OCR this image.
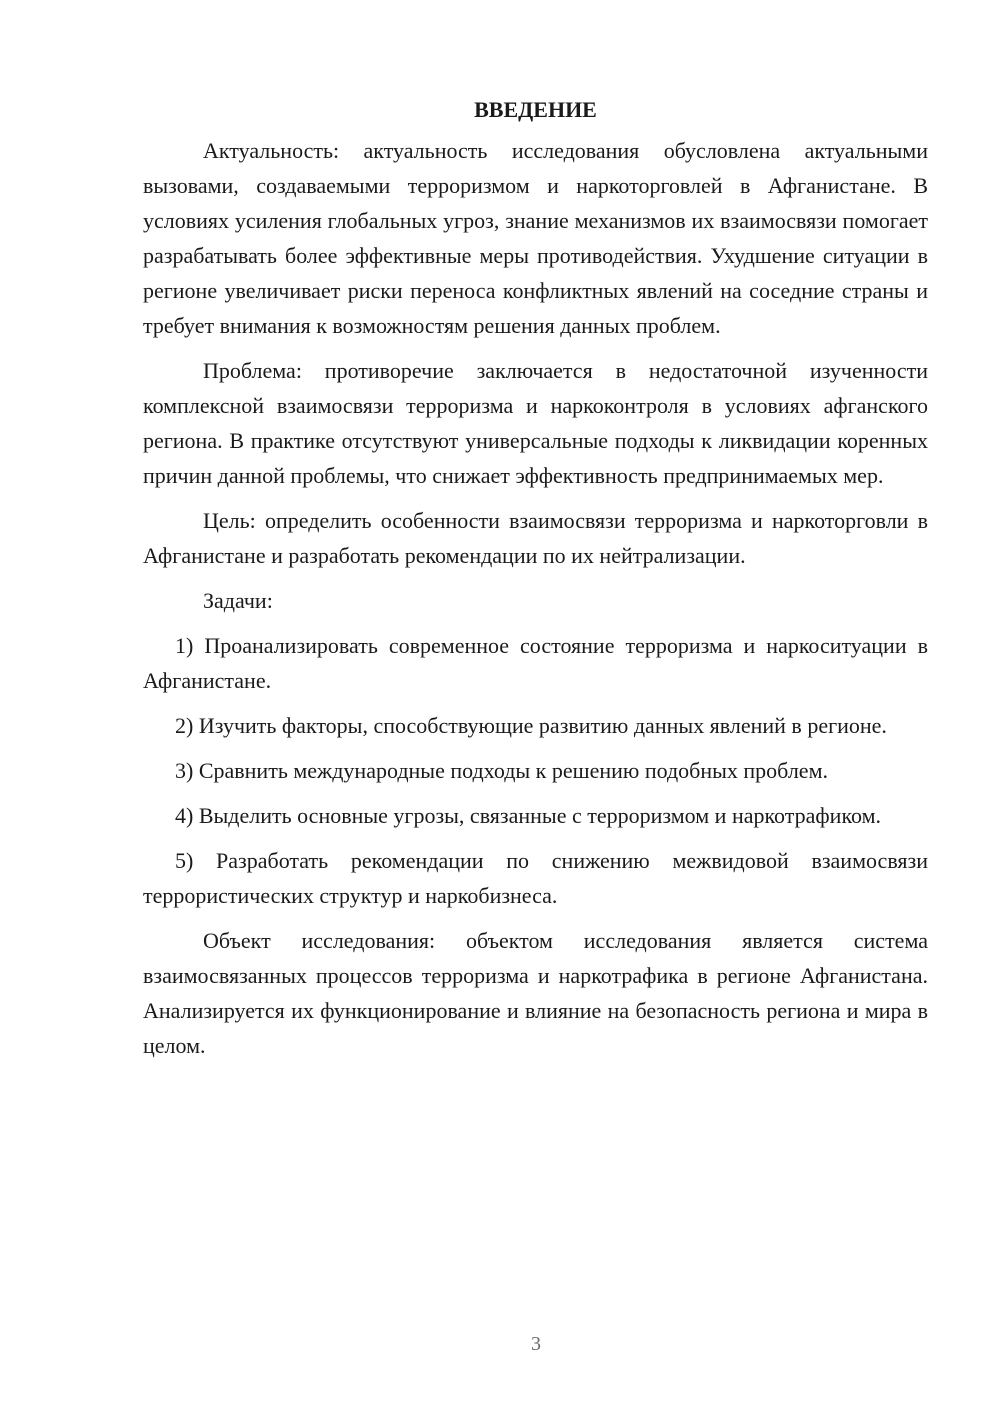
ВВЕДЕНИЕ

Актуальность: актуальность исследования обусловлена актуальными вызовами, создаваемыми терроризмом и наркоторговлей в Афганистане. В условиях усиления глобальных угроз, знание механизмов их взаимосвязи помогает разрабатывать более эффективные меры противодействия. Ухудшение ситуации в регионе увеличивает риски переноса конфликтных явлений на соседние страны и требует внимания к возможностям решения данных проблем.

Проблема: противоречие заключается в недостаточной изученности комплексной взаимосвязи терроризма и наркоконтроля в условиях афганского региона. В практике отсутствуют универсальные подходы к ликвидации коренных причин данной проблемы, что снижает эффективность предпринимаемых мер.

Цель: определить особенности взаимосвязи терроризма и наркоторговли в Афганистане и разработать рекомендации по их нейтрализации.

Задачи:

1) Проанализировать современное состояние терроризма и наркоситуации в Афганистане.

2) Изучить факторы, способствующие развитию данных явлений в регионе.

3) Сравнить международные подходы к решению подобных проблем.

4) Выделить основные угрозы, связанные с терроризмом и наркотрафиком.

5) Разработать рекомендации по снижению межвидовой взаимосвязи террористических структур и наркобизнеса.

Объект исследования: объектом исследования является система взаимосвязанных процессов терроризма и наркотрафика в регионе Афганистана. Анализируется их функционирование и влияние на безопасность региона и мира в целом.

3
